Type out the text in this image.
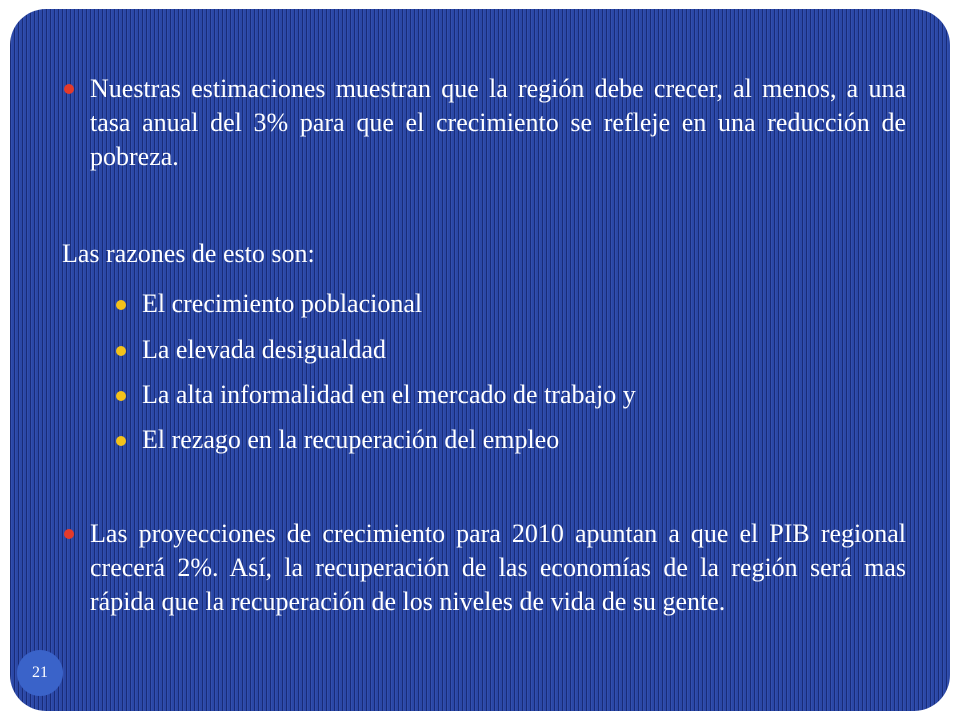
Nuestras estimaciones muestran que la región debe crecer, al menos, a una tasa anual del 3% para que el crecimiento se refleje en una reducción de pobreza.
Las razones de esto son:
El crecimiento poblacional
La elevada desigualdad
La alta informalidad en el mercado de trabajo y
El rezago en la recuperación del empleo
Las proyecciones de crecimiento para 2010 apuntan a que el PIB regional crecerá 2%. Así, la recuperación de las economías de la región será mas rápida que la recuperación de los niveles de vida de su gente.
21
